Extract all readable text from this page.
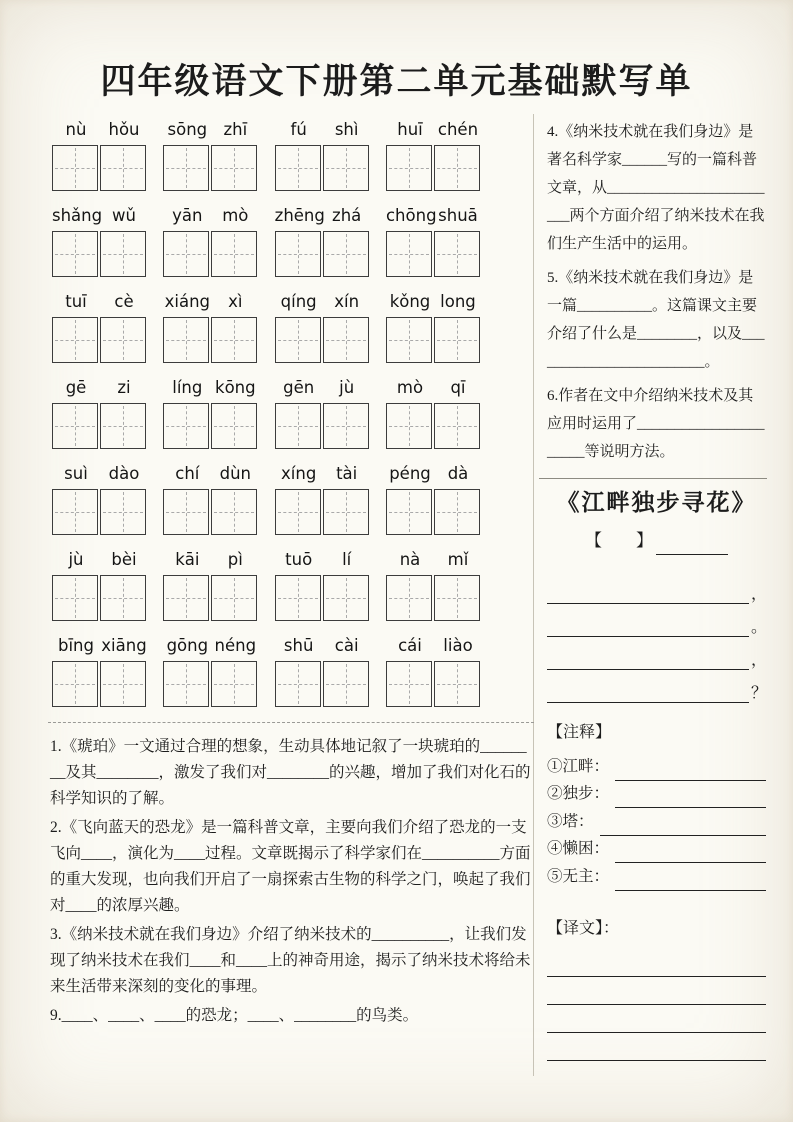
四年级语文下册第二单元基础默写单
nù	hǒu	sōng zhī	fú	shì	huī chén
shǎng wǔ	yān	mò	zhēng zhá	chōng shuā
tuī	cè	xiáng	xì	qíng	xín	kǒng long
gē	zi	líng kōng	gēn	jù	mò	qī
suì	dào	chí	dùn	xíng	tài	péng	dà
jù	bèi	kāi	pì	tuō	lí	nà	mǐ
bīng xiāng gōng néng	shū	cài	cái	liào

1.《琥珀》一文通过合理的想象，生动具体地记叙了一块琥珀的________及其________，激发了我们对________的兴趣，增加了我们对化石的科学知识的了解。

2.《飞向蓝天的恐龙》是一篇科普文章，主要向我们介绍了恐龙的一支飞向____，演化为____过程。文章既揭示了科学家们在__________方面的重大发现，也向我们开启了一扇探索古生物的科学之门，唤起了我们对____的浓厚兴趣。

3.《纳米技术就在我们身边》介绍了纳米技术的__________，让我们发现了纳米技术在我们____和____上的神奇用途，揭示了纳米技术将给未来生活带来深刻的变化的事理。

9.____、____、____的恐龙；____、________的鸟类。

4.《纳米技术就在我们身边》是著名科学家______写的一篇科普文章，从________________________两个方面介绍了纳米技术在我们生产生活中的运用。

5.《纳米技术就在我们身边》是一篇__________。这篇课文主要介绍了什么是________，以及________________________。

6.作者在文中介绍纳米技术及其应用时运用了______________________等说明方法。

《江畔独步寻花》
【　　】
，
。
，
？
【注释】
①江畔：
②独步：
③塔：
④懒困：
⑤无主：
【译文】：
